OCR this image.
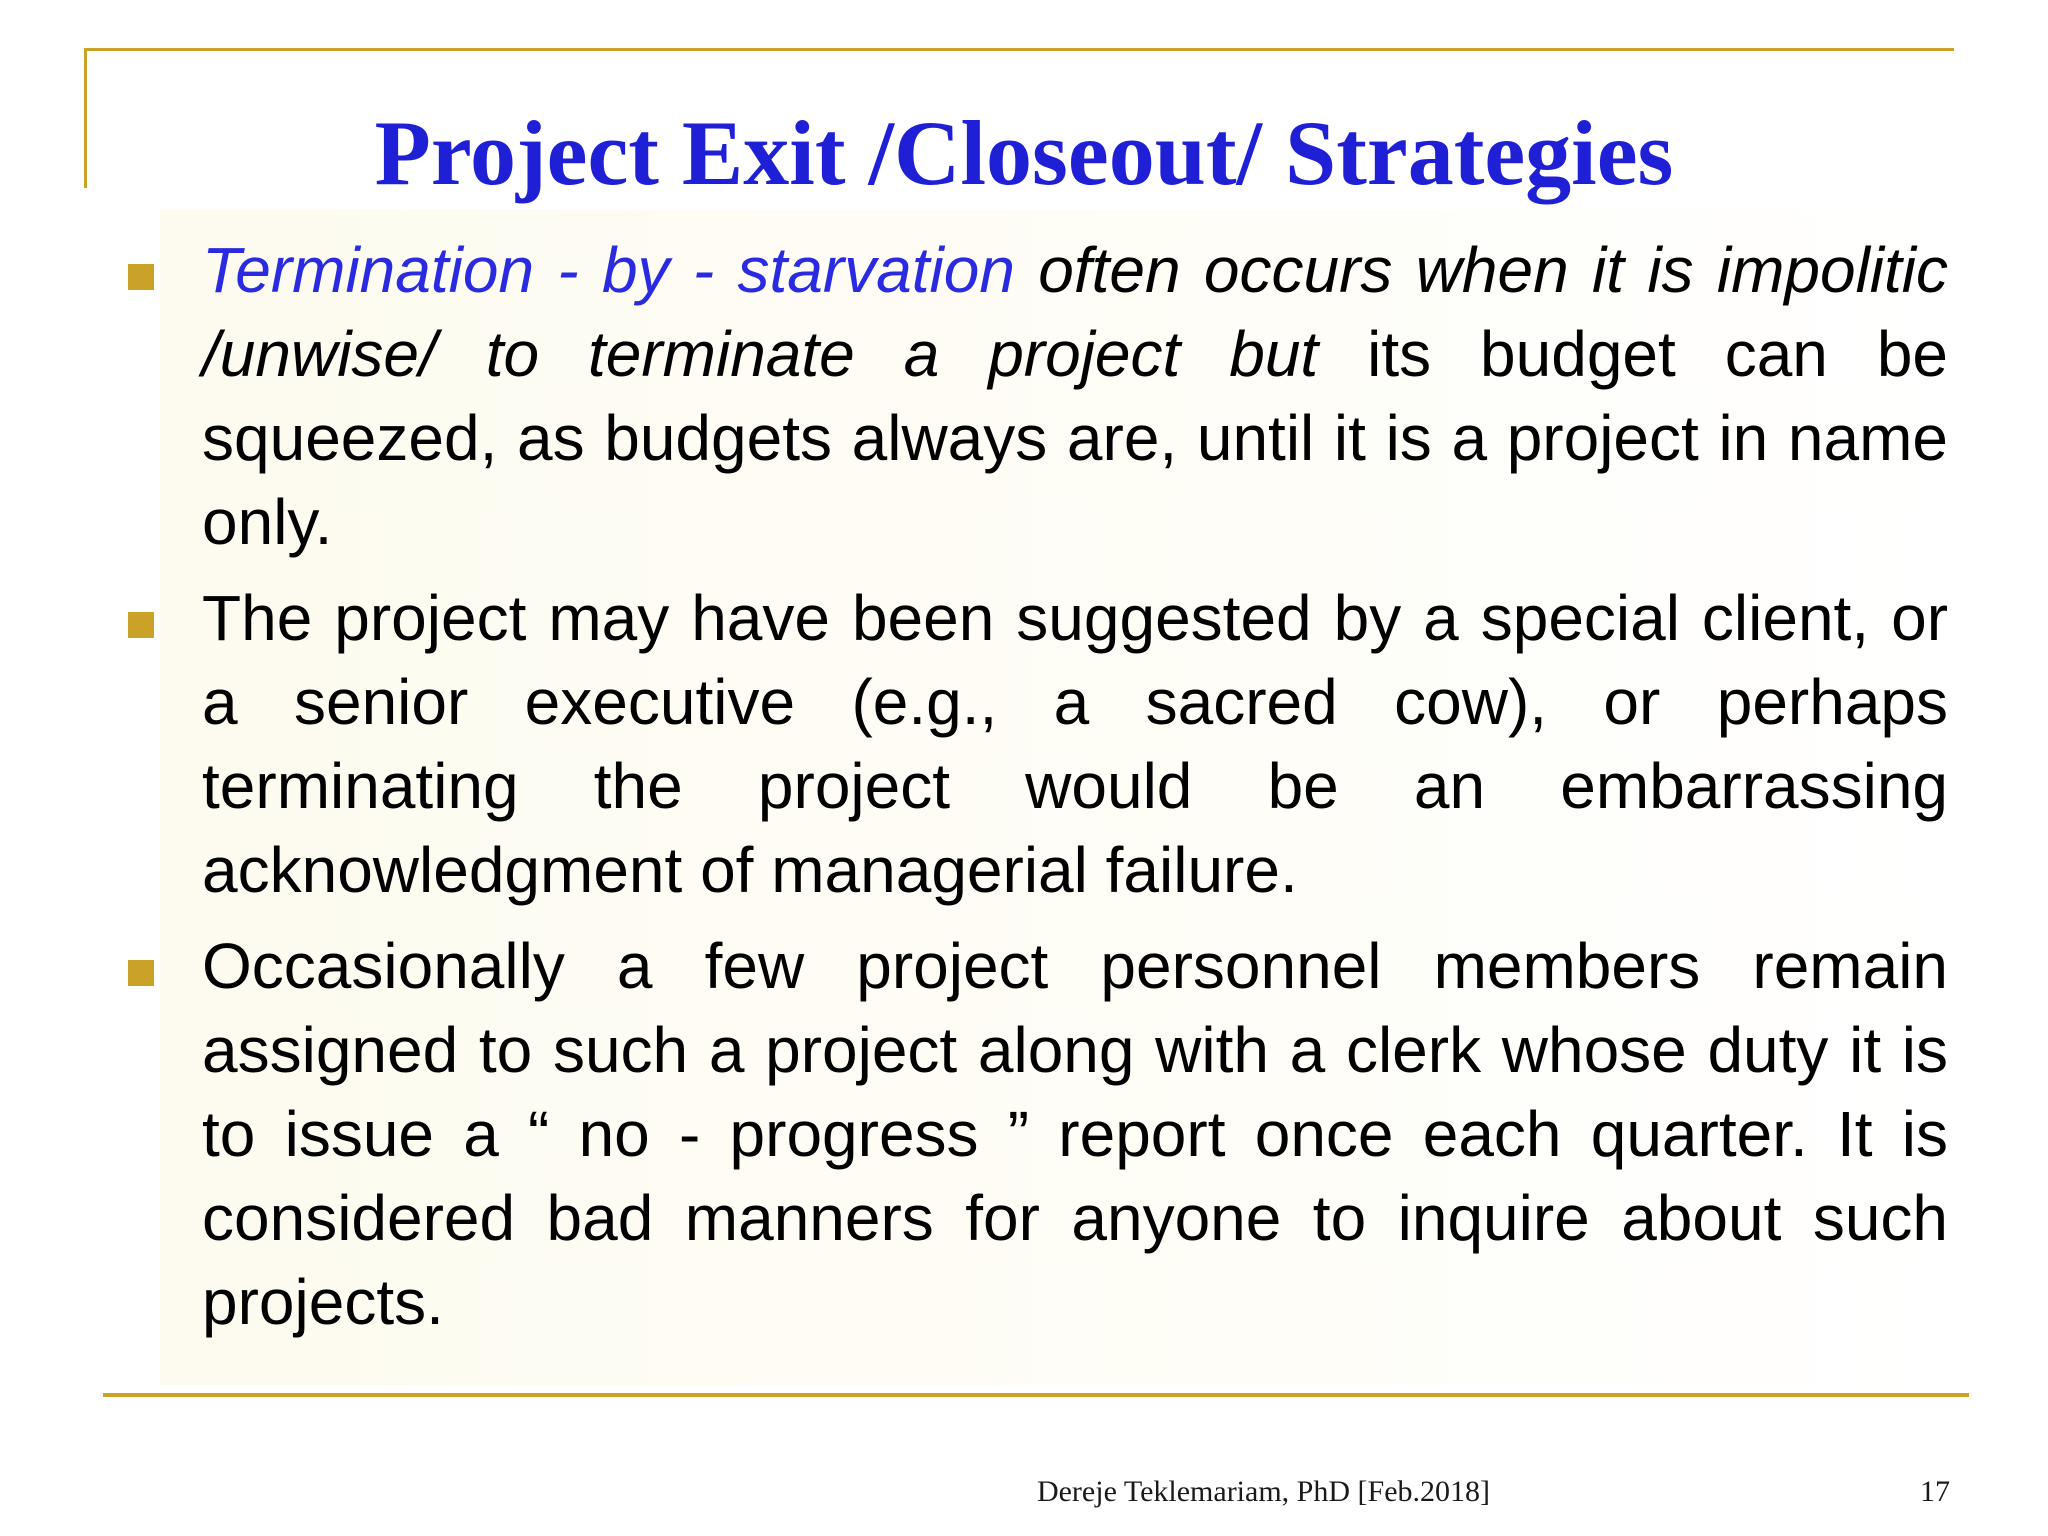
Project Exit /Closeout/ Strategies

Termination - by - starvation often occurs when it is impolitic /unwise/ to terminate a project but its budget can be squeezed, as budgets always are, until it is a project in name only.

The project may have been suggested by a special client, or a senior executive (e.g., a sacred cow), or perhaps terminating the project would be an embarrassing acknowledgment of managerial failure.

Occasionally a few project personnel members remain assigned to such a project along with a clerk whose duty it is to issue a “ no - progress ” report once each quarter. It is considered bad manners for anyone to inquire about such projects.

Dereje Teklemariam, PhD [Feb.2018]	17
